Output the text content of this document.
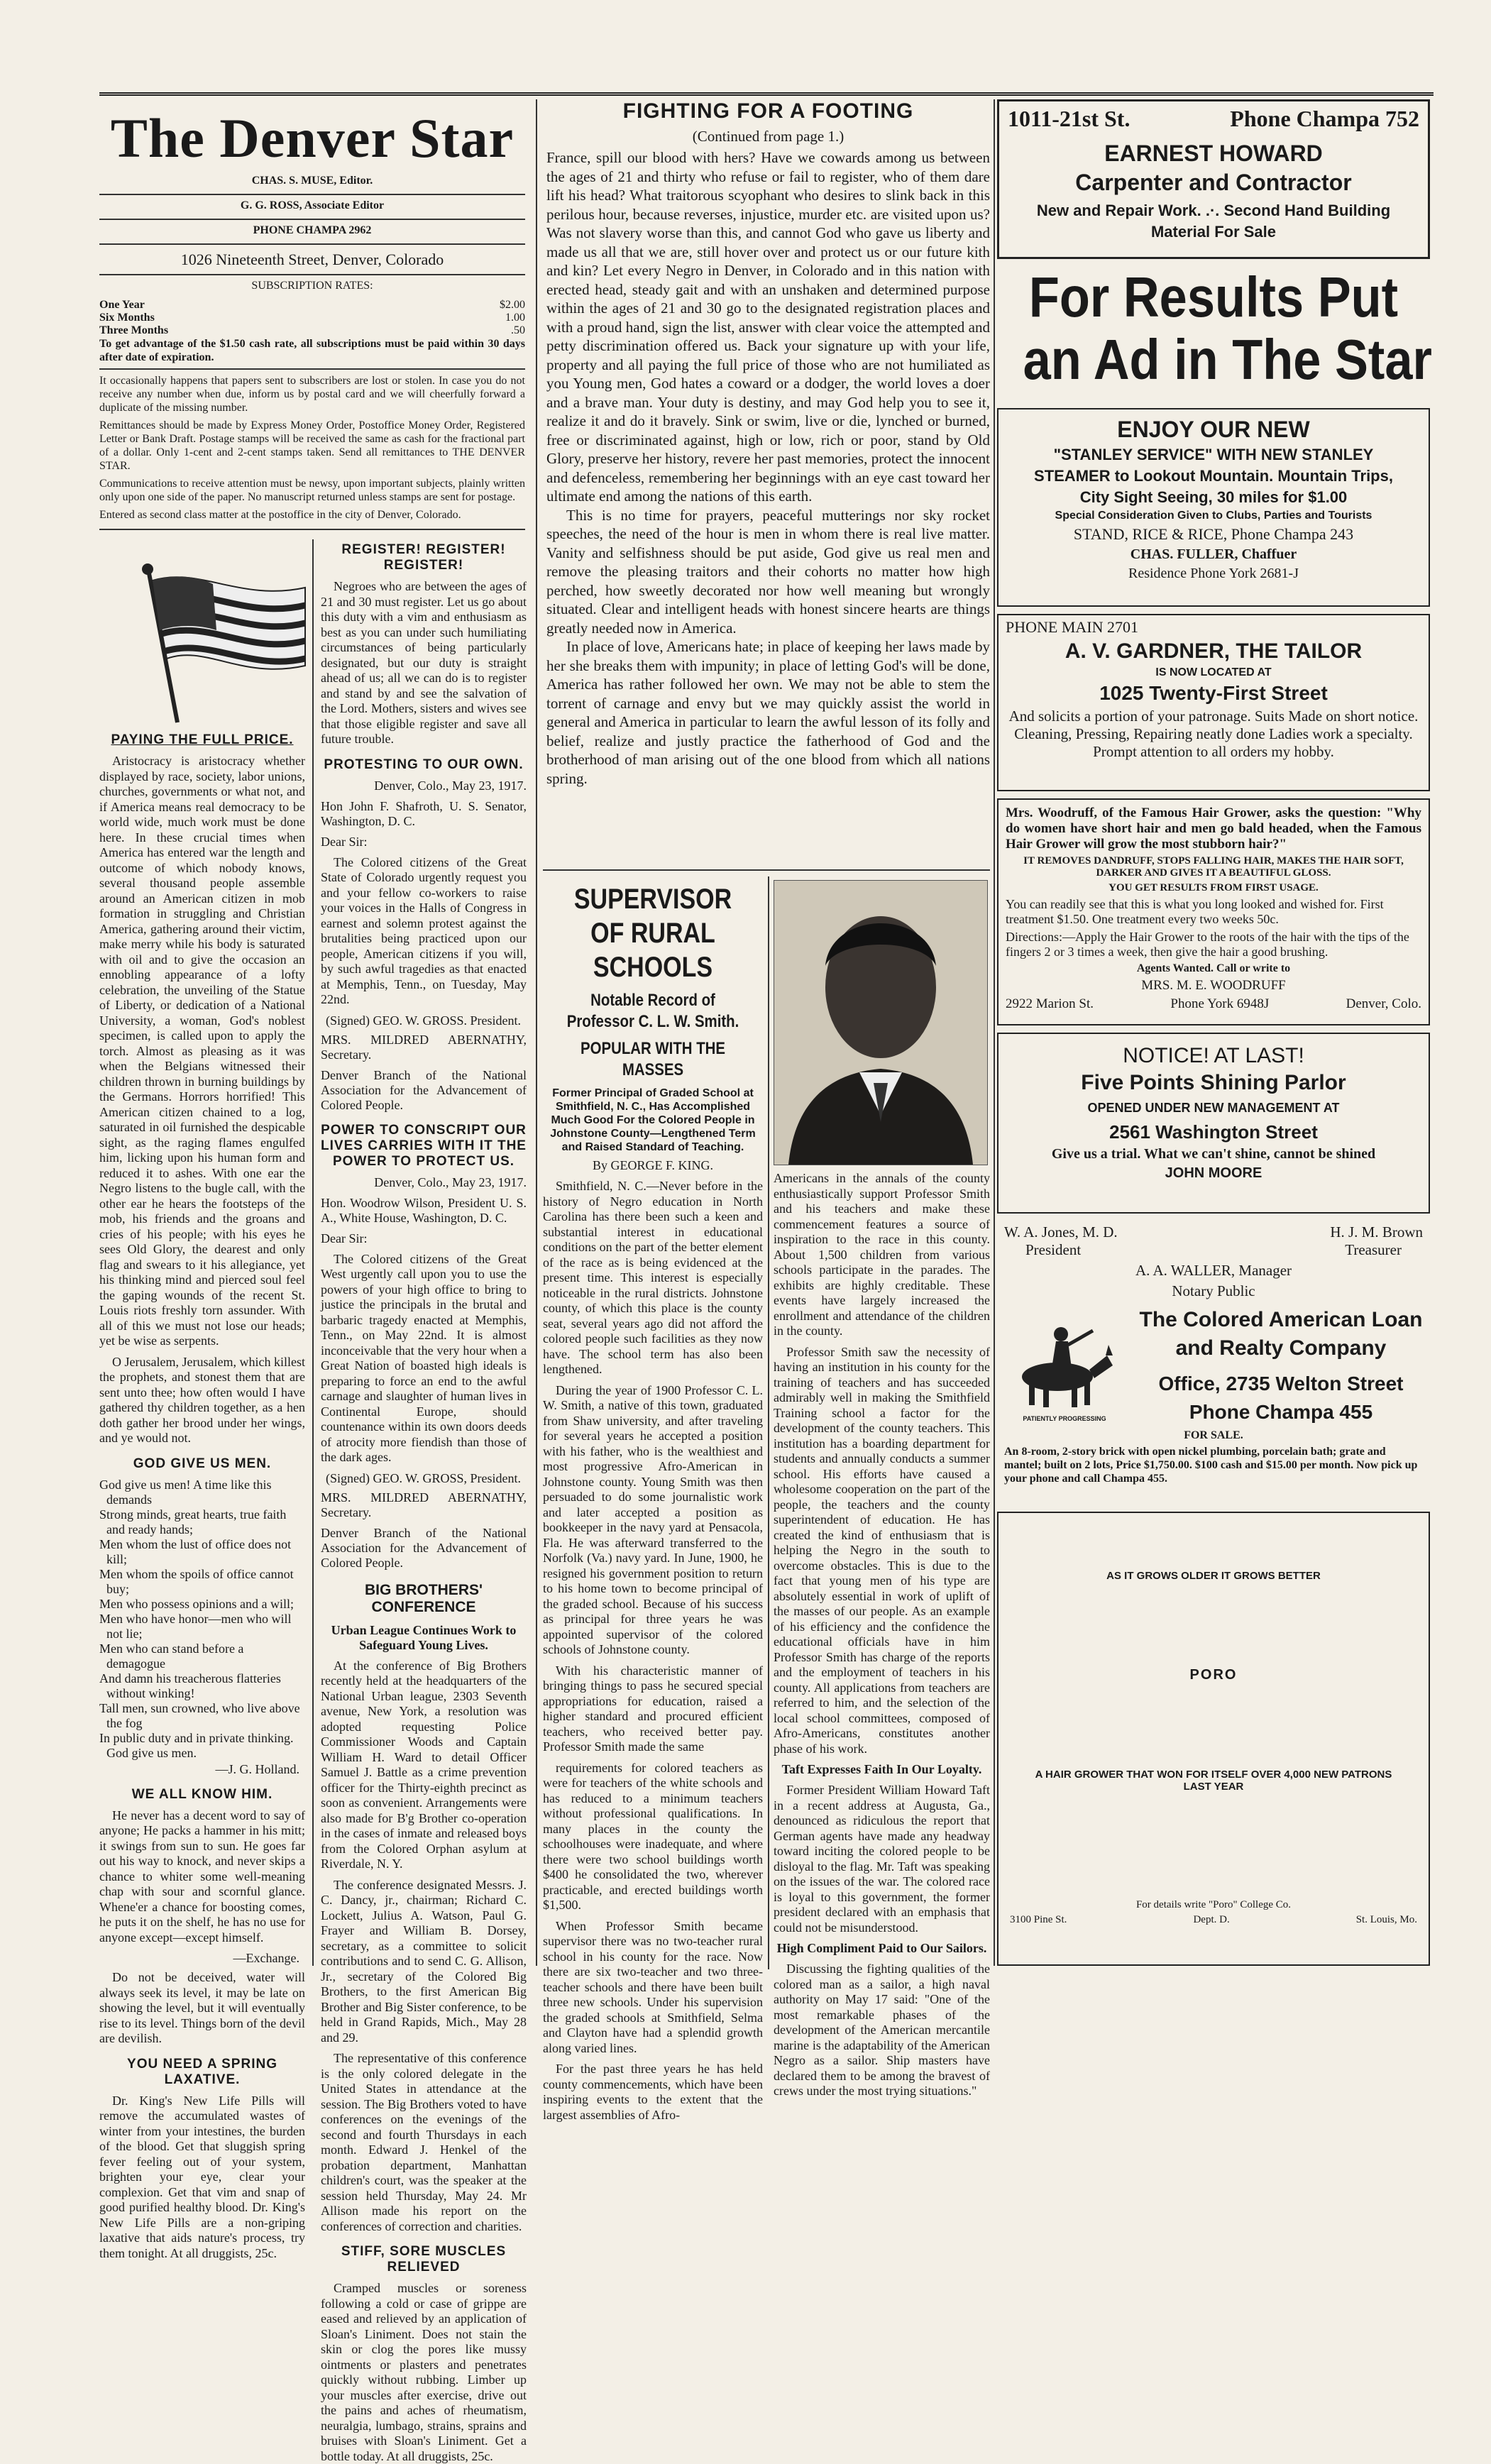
The Denver Star
CHAS. S. MUSE, Editor.
G. G. ROSS, Associate Editor
PHONE CHAMPA 2962
1026 Nineteenth Street, Denver, Colorado
SUBSCRIPTION RATES:
One Year	$2.00
Six Months	1.00
Three Months	.50
To get advantage of the $1.50 cash rate, all subscriptions must be paid within 30 days after date of expiration.
It occasionally happens that papers sent to subscribers are lost or stolen. In case you do not receive any number when due, inform us by postal card and we will cheerfully forward a duplicate of the missing number.
Remittances should be made by Express Money Order, Postoffice Money Order, Registered Letter or Bank Draft. Postage stamps will be received the same as cash for the fractional part of a dollar. Only 1-cent and 2-cent stamps taken. Send all remittances to THE DENVER STAR.
Communications to receive attention must be newsy, upon important subjects, plainly written only upon one side of the paper. No manuscript returned unless stamps are sent for postage.
Entered as second class matter at the postoffice in the city of Denver, Colorado.
PAYING THE FULL PRICE.
Aristocracy is aristocracy whether displayed by race, society, labor unions, churches, governments or what not, and if America means real democracy to be world wide, much work must be done here. In these crucial times when America has entered war the length and outcome of which nobody knows, several thousand people assemble around an American citizen in mob formation in struggling and Christian America, gathering around their victim, make merry while his body is saturated with oil and to give the occasion an ennobling appearance of a lofty celebration, the unveiling of the Statue of Liberty, or dedication of a National University, a woman, God's noblest specimen, is called upon to apply the torch. Almost as pleasing as it was when the Belgians witnessed their children thrown in burning buildings by the Germans. Horrors horrified! This American citizen chained to a log, saturated in oil furnished the despicable sight, as the raging flames engulfed him, licking upon his human form and reduced it to ashes. With one ear the Negro listens to the bugle call, with the other ear he hears the footsteps of the mob, his friends and the groans and cries of his people; with his eyes he sees Old Glory, the dearest and only flag and swears to it his allegiance, yet his thinking mind and pierced soul feel the gaping wounds of the recent St. Louis riots freshly torn assunder. With all of this we must not lose our heads; yet be wise as serpents.
O Jerusalem, Jerusalem, which killest the prophets, and stonest them that are sent unto thee; how often would I have gathered thy children together, as a hen doth gather her brood under her wings, and ye would not.
GOD GIVE US MEN.
God give us men! A time like this demands
Strong minds, great hearts, true faith and ready hands;
Men whom the lust of office does not kill;
Men whom the spoils of office cannot buy;
Men who possess opinions and a will;
Men who have honor—men who will not lie;
Men who can stand before a demagogue
And damn his treacherous flatteries without winking!
Tall men, sun crowned, who live above the fog
In public duty and in private thinking. God give us men.
—J. G. Holland.
WE ALL KNOW HIM.
He never has a decent word to say of anyone; He packs a hammer in his mitt; it swings from sun to sun. He goes far out his way to knock, and never skips a chance to whiter some well-meaning chap with sour and scornful glance. Whene'er a chance for boosting comes, he puts it on the shelf, he has no use for anyone except—except himself.
—Exchange.
Do not be deceived, water will always seek its level, it may be late on showing the level, but it will eventually rise to its level. Things born of the devil are devilish.
YOU NEED A SPRING LAXATIVE.
Dr. King's New Life Pills will remove the accumulated wastes of winter from your intestines, the burden of the blood. Get that sluggish spring fever feeling out of your system, brighten your eye, clear your complexion. Get that vim and snap of good purified healthy blood. Dr. King's New Life Pills are a non-griping laxative that aids nature's process, try them tonight. At all druggists, 25c.
REGISTER! REGISTER! REGISTER!
Negroes who are between the ages of 21 and 30 must register. Let us go about this duty with a vim and enthusiasm as best as you can under such humiliating circumstances of being particularly designated, but our duty is straight ahead of us; all we can do is to register and stand by and see the salvation of the Lord. Mothers, sisters and wives see that those eligible register and save all future trouble.
PROTESTING TO OUR OWN.
Denver, Colo., May 23, 1917.
Hon John F. Shafroth, U. S. Senator, Washington, D. C.
Dear Sir:
The Colored citizens of the Great State of Colorado urgently request you and your fellow co-workers to raise your voices in the Halls of Congress in earnest and solemn protest against the brutalities being practiced upon our people, American citizens if you will, by such awful tragedies as that enacted at Memphis, Tenn., on Tuesday, May 22nd.
(Signed) GEO. W. GROSS. President.
MRS. MILDRED ABERNATHY, Secretary.
Denver Branch of the National Association for the Advancement of Colored People.
POWER TO CONSCRIPT OUR LIVES CARRIES WITH IT THE POWER TO PROTECT US.
Denver, Colo., May 23, 1917.
Hon. Woodrow Wilson, President U. S. A., White House, Washington, D. C.
Dear Sir:
The Colored citizens of the Great West urgently call upon you to use the powers of your high office to bring to justice the principals in the brutal and barbaric tragedy enacted at Memphis, Tenn., on May 22nd. It is almost inconceivable that the very hour when a Great Nation of boasted high ideals is preparing to force an end to the awful carnage and slaughter of human lives in Continental Europe, should countenance within its own doors deeds of atrocity more fiendish than those of the dark ages.
(Signed) GEO. W. GROSS, President.
MRS. MILDRED ABERNATHY, Secretary.
Denver Branch of the National Association for the Advancement of Colored People.
BIG BROTHERS' CONFERENCE
Urban League Continues Work to Safeguard Young Lives.
At the conference of Big Brothers recently held at the headquarters of the National Urban league, 2303 Seventh avenue, New York, a resolution was adopted requesting Police Commissioner Woods and Captain William H. Ward to detail Officer Samuel J. Battle as a crime prevention officer for the Thirty-eighth precinct as soon as convenient. Arrangements were also made for B'g Brother co-operation in the cases of inmate and released boys from the Colored Orphan asylum at Riverdale, N. Y.
The conference designated Messrs. J. C. Dancy, jr., chairman; Richard C. Lockett, Julius A. Watson, Paul G. Frayer and William B. Dorsey, secretary, as a committee to solicit contributions and to send C. G. Allison, Jr., secretary of the Colored Big Brothers, to the first American Big Brother and Big Sister conference, to be held in Grand Rapids, Mich., May 28 and 29.
The representative of this conference is the only colored delegate in the United States in attendance at the session. The Big Brothers voted to have conferences on the evenings of the second and fourth Thursdays in each month. Edward J. Henkel of the probation department, Manhattan children's court, was the speaker at the session held Thursday, May 24. Mr Allison made his report on the conferences of correction and charities.
STIFF, SORE MUSCLES RELIEVED
Cramped muscles or soreness following a cold or case of grippe are eased and relieved by an application of Sloan's Liniment. Does not stain the skin or clog the pores like mussy ointments or plasters and penetrates quickly without rubbing. Limber up your muscles after exercise, drive out the pains and aches of rheumatism, neuralgia, lumbago, strains, sprains and bruises with Sloan's Liniment. Get a bottle today. At all druggists, 25c.
FIGHTING FOR A FOOTING
(Continued from page 1.)

France, spill our blood with hers? Have we cowards among us between the ages of 21 and thirty who refuse or fail to register, who of them dare lift his head? What traitorous scyophant who desires to slink back in this perilous hour, because reverses, injustice, murder etc. are visited upon us? Was not slavery worse than this, and cannot God who gave us liberty and made us all that we are, still hover over and protect us or our future kith and kin? Let every Negro in Denver, in Colorado and in this nation with erected head, steady gait and with an unshaken and determined purpose within the ages of 21 and 30 go to the designated registration places and with a proud hand, sign the list, answer with clear voice the attempted and petty discrimination offered us. Back your signature up with your life, property and all paying the full price of those who are not humiliated as you Young men, God hates a coward or a dodger, the world loves a doer and a brave man. Your duty is destiny, and may God help you to see it, realize it and do it bravely. Sink or swim, live or die, lynched or burned, free or discriminated against, high or low, rich or poor, stand by Old Glory, preserve her history, revere her past memories, protect the innocent and defenceless, remembering her beginnings with an eye cast toward her ultimate end among the nations of this earth.

This is no time for prayers, peaceful mutterings nor sky rocket speeches, the need of the hour is men in whom there is real live matter. Vanity and selfishness should be put aside, God give us real men and remove the pleasing traitors and their cohorts no matter how high perched, how sweetly decorated nor how well meaning but wrongly situated. Clear and intelligent heads with honest sincere hearts are things greatly needed now in America.

In place of love, Americans hate; in place of keeping her laws made by her she breaks them with impunity; in place of letting God's will be done, America has rather followed her own. We may not be able to stem the torrent of carnage and envy but we may quickly assist the world in general and America in particular to learn the awful lesson of its folly and belief, realize and justly practice the fatherhood of God and the brotherhood of man arising out of the one blood from which all nations spring.

SUPERVISOR OF RURAL SCHOOLS
Notable Record of Professor C. L. W. Smith.
POPULAR WITH THE MASSES
Former Principal of Graded School at Smithfield, N. C., Has Accomplished Much Good For the Colored People in Johnstone County—Lengthened Term and Raised Standard of Teaching.
By GEORGE F. KING.
Smithfield, N. C.—Never before in the history of Negro education in North Carolina has there been such a keen and substantial interest in educational conditions on the part of the better element of the race as is being evidenced at the present time. This interest is especially noticeable in the rural districts. Johnstone county, of which this place is the county seat, several years ago did not afford the colored people such facilities as they now have. The school term has also been lengthened.
During the year of 1900 Professor C. L. W. Smith, a native of this town, graduated from Shaw university, and after traveling for several years he accepted a position with his father, who is the wealthiest and most progressive Afro-American in Johnstone county. Young Smith was then persuaded to do some journalistic work and later accepted a position as bookkeeper in the navy yard at Pensacola, Fla. He was afterward transferred to the Norfolk (Va.) navy yard. In June, 1900, he resigned his government position to return to his home town to become principal of the graded school. Because of his success as principal for three years he was appointed supervisor of the colored schools of Johnstone county.
With his characteristic manner of bringing things to pass he secured special appropriations for education, raised a higher standard and procured efficient teachers, who received better pay. Professor Smith made the same
requirements for colored teachers as were for teachers of the white schools and has reduced to a minimum teachers without professional qualifications. In many places in the county the schoolhouses were inadequate, and where there were two school buildings worth $400 he consolidated the two, wherever practicable, and erected buildings worth $1,500.
When Professor Smith became supervisor there was no two-teacher rural school in his county for the race. Now there are six two-teacher and two three-teacher schools and there have been built three new schools. Under his supervision the graded schools at Smithfield, Selma and Clayton have had a splendid growth along varied lines.
For the past three years he has held county commencements, which have been inspiring events to the extent that the largest assemblies of Afro-
Americans in the annals of the county enthusiastically support Professor Smith and his teachers and make these commencement features a source of inspiration to the race in this county. About 1,500 children from various schools participate in the parades. The exhibits are highly creditable. These events have largely increased the enrollment and attendance of the children in the county.
Professor Smith saw the necessity of having an institution in his county for the training of teachers and has succeeded admirably well in making the Smithfield Training school a factor for the development of the county teachers. This institution has a boarding department for students and annually conducts a summer school. His efforts have caused a wholesome cooperation on the part of the people, the teachers and the county superintendent of education. He has created the kind of enthusiasm that is helping the Negro in the south to overcome obstacles. This is due to the fact that young men of his type are absolutely essential in work of uplift of the masses of our people. As an example of his efficiency and the confidence the educational officials have in him Professor Smith has charge of the reports and the employment of teachers in his county. All applications from teachers are referred to him, and the selection of the local school committees, composed of Afro-Americans, constitutes another phase of his work.
Taft Expresses Faith In Our Loyalty.
Former President William Howard Taft in a recent address at Augusta, Ga., denounced as ridiculous the report that German agents have made any headway toward inciting the colored people to be disloyal to the flag. Mr. Taft was speaking on the issues of the war. The colored race is loyal to this government, the former president declared with an emphasis that could not be misunderstood.
High Compliment Paid to Our Sailors.
Discussing the fighting qualities of the colored man as a sailor, a high naval authority on May 17 said: "One of the most remarkable phases of the development of the American mercantile marine is the adaptability of the American Negro as a sailor. Ship masters have declared them to be among the bravest of crews under the most trying situations."
1011-21st St.	Phone Champa 752
EARNEST HOWARD
Carpenter and Contractor
New and Repair Work. .·. Second Hand Building
Material For Sale
For Results Put
an Ad in The Star
ENJOY OUR NEW
"STANLEY SERVICE" WITH NEW STANLEY
STEAMER to Lookout Mountain. Mountain Trips,
City Sight Seeing, 30 miles for $1.00
Special Consideration Given to Clubs, Parties and Tourists
STAND, RICE & RICE, Phone Champa 243
CHAS. FULLER, Chaffuer
Residence Phone York 2681-J
PHONE MAIN 2701
A. V. GARDNER, THE TAILOR
IS NOW LOCATED AT
1025 Twenty-First Street
And solicits a portion of your patronage. Suits Made on short notice. Cleaning, Pressing, Repairing neatly done Ladies work a specialty. Prompt attention to all orders my hobby.
Mrs. Woodruff, of the Famous Hair Grower, asks the question: "Why do women have short hair and men go bald headed, when the Famous Hair Grower will grow the most stubborn hair?"
IT REMOVES DANDRUFF, STOPS FALLING HAIR, MAKES THE HAIR SOFT, DARKER AND GIVES IT A BEAUTIFUL GLOSS.
YOU GET RESULTS FROM FIRST USAGE.
You can readily see that this is what you long looked and wished for. First treatment $1.50. One treatment every two weeks 50c.
Directions:—Apply the Hair Grower to the roots of the hair with the tips of the fingers 2 or 3 times a week, then give the hair a good brushing.
Agents Wanted. Call or write to
MRS. M. E. WOODRUFF
2922 Marion St.	Phone York 6948J	Denver, Colo.
NOTICE! AT LAST!
Five Points Shining Parlor
OPENED UNDER NEW MANAGEMENT AT
2561 Washington Street
Give us a trial. What we can't shine, cannot be shined
JOHN MOORE
W. A. Jones, M. D.	H. J. M. Brown
President	Treasurer
A. A. WALLER, Manager
Notary Public
PATIENTLY PROGRESSING
The Colored American Loan
and Realty Company
Office, 2735 Welton Street
Phone Champa 455
FOR SALE.
An 8-room, 2-story brick with open nickel plumbing, porcelain bath; grate and mantel; built on 2 lots, Price $1,750.00. $100 cash and $15.00 per month. Now pick up your phone and call Champa 455.
AS IT GROWS OLDER IT GROWS BETTER
PORO
A HAIR GROWER THAT WON FOR ITSELF OVER 4,000 NEW PATRONS LAST YEAR
For details write "Poro" College Co.
3100 Pine St.	Dept. D.	St. Louis, Mo.
